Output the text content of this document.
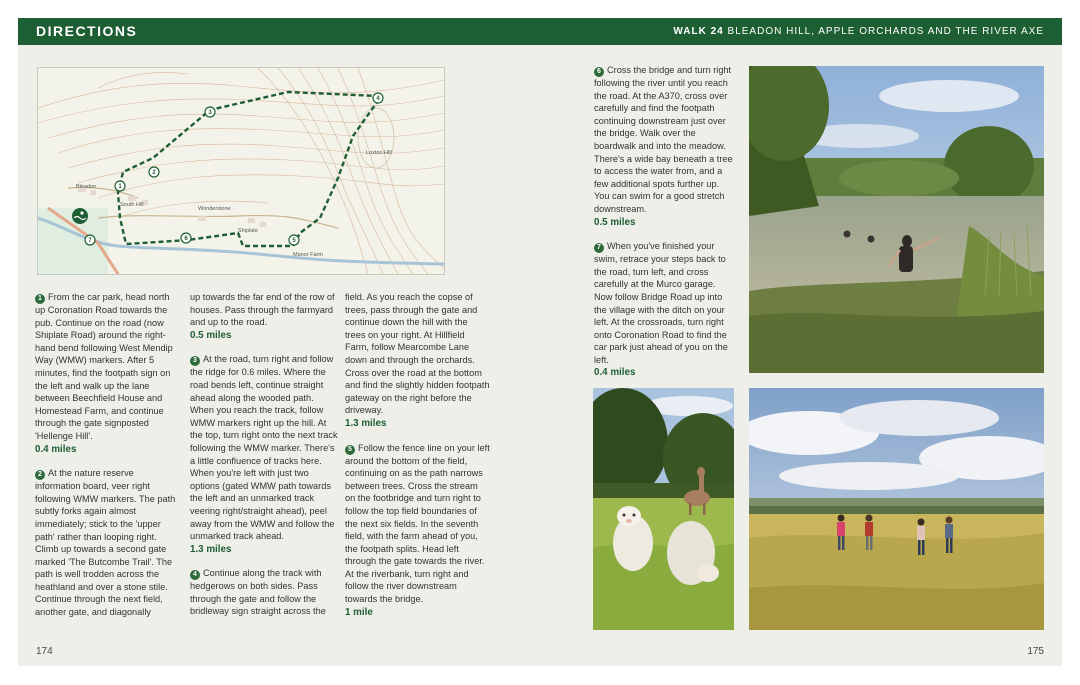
DIRECTIONS	WALK 24 BLEADON HILL, APPLE ORCHARDS AND THE RIVER AXE
Bleadon
South Hill
Wonderstone
Shiplate
Loxton Hill
Manor Farm
1
2
3
4
5
6
7

1 From the car park, head north up Coronation Road towards the pub. Continue on the road (now Shiplate Road) around the right-hand bend following West Mendip Way (WMW) markers. After 5 minutes, find the footpath sign on the left and walk up the lane between Beechfield House and Homestead Farm, and continue through the gate signposted 'Hellenge Hill'.
0.4 miles

2 At the nature reserve information board, veer right following WMW markers. The path subtly forks again almost immediately; stick to the 'upper path' rather than looping right. Climb up towards a second gate marked 'The Butcombe Trail'. The path is well trodden across the heathland and over a stone stile. Continue through the next field, another gate, and diagonally

up towards the far end of the row of houses. Pass through the farmyard and up to the road.
0.5 miles

3 At the road, turn right and follow the ridge for 0.6 miles. Where the road bends left, continue straight ahead along the wooded path. When you reach the track, follow WMW markers right up the hill. At the top, turn right onto the next track following the WMW marker. There's a little confluence of tracks here. When you're left with just two options (gated WMW path towards the left and an unmarked track veering right/straight ahead), peel away from the WMW and follow the unmarked track ahead.
1.3 miles

4 Continue along the track with hedgerows on both sides. Pass through the gate and follow the bridleway sign straight across the

field. As you reach the copse of trees, pass through the gate and continue down the hill with the trees on your right. At Hillfield Farm, follow Mearcombe Lane down and through the orchards. Cross over the road at the bottom and find the slightly hidden footpath gateway on the right before the driveway.
1.3 miles

5 Follow the fence line on your left around the bottom of the field, continuing on as the path narrows between trees. Cross the stream on the footbridge and turn right to follow the top field boundaries of the next six fields. In the seventh field, with the farm ahead of you, the footpath splits. Head left through the gate towards the river. At the riverbank, turn right and follow the river downstream towards the bridge.
1 mile

6 Cross the bridge and turn right following the river until you reach the road. At the A370, cross over carefully and find the footpath continuing downstream just over the bridge. Walk over the boardwalk and into the meadow. There's a wide bay beneath a tree to access the water from, and a few additional spots further up. You can swim for a good stretch downstream.
0.5 miles

7 When you've finished your swim, retrace your steps back to the road, turn left, and cross carefully at the Murco garage. Now follow Bridge Road up into the village with the ditch on your left. At the crossroads, turn right onto Coronation Road to find the car park just ahead of you on the left.
0.4 miles

174	175
